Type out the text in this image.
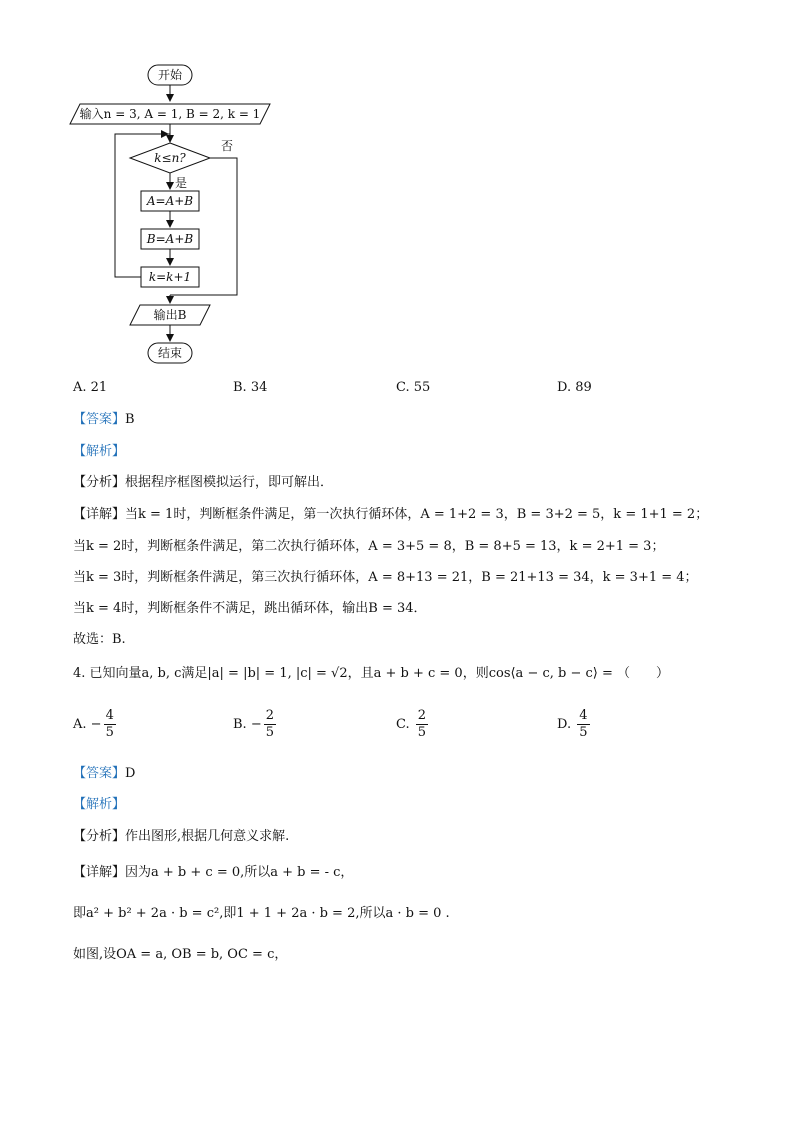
开始
输入n = 3, A = 1, B = 2, k = 1
k≤n?
否
是
A=A+B
B=A+B
k=k+1
输出B
结束
A. 21	B. 34	C. 55	D. 89
【答案】B
【解析】
【分析】根据程序框图模拟运行，即可解出．
【详解】当k = 1时，判断框条件满足，第一次执行循环体，A = 1+2 = 3，B = 3+2 = 5，k = 1+1 = 2；
当k = 2时，判断框条件满足，第二次执行循环体，A = 3+5 = 8，B = 8+5 = 13，k = 2+1 = 3；
当k = 3时，判断框条件满足，第三次执行循环体，A = 8+13 = 21，B = 21+13 = 34，k = 3+1 = 4；
当k = 4时，判断框条件不满足，跳出循环体，输出B = 34．
故选：B.
4. 已知向量a, b, c满足|a| = |b| = 1, |c| = √2，且a + b + c = 0，则cos⟨a − c, b − c⟩ = （　　）
A. − $\frac{4}{5}$	B. − $\frac{2}{5}$	C. $\frac{2}{5}$	D. $\frac{4}{5}$
【答案】D
【解析】
【分析】作出图形,根据几何意义求解.
【详解】因为a + b + c = 0,所以a + b = - c，
即a² + b² + 2a · b = c²,即1 + 1 + 2a · b = 2,所以a · b = 0 .
如图,设OA = a, OB = b, OC = c，
